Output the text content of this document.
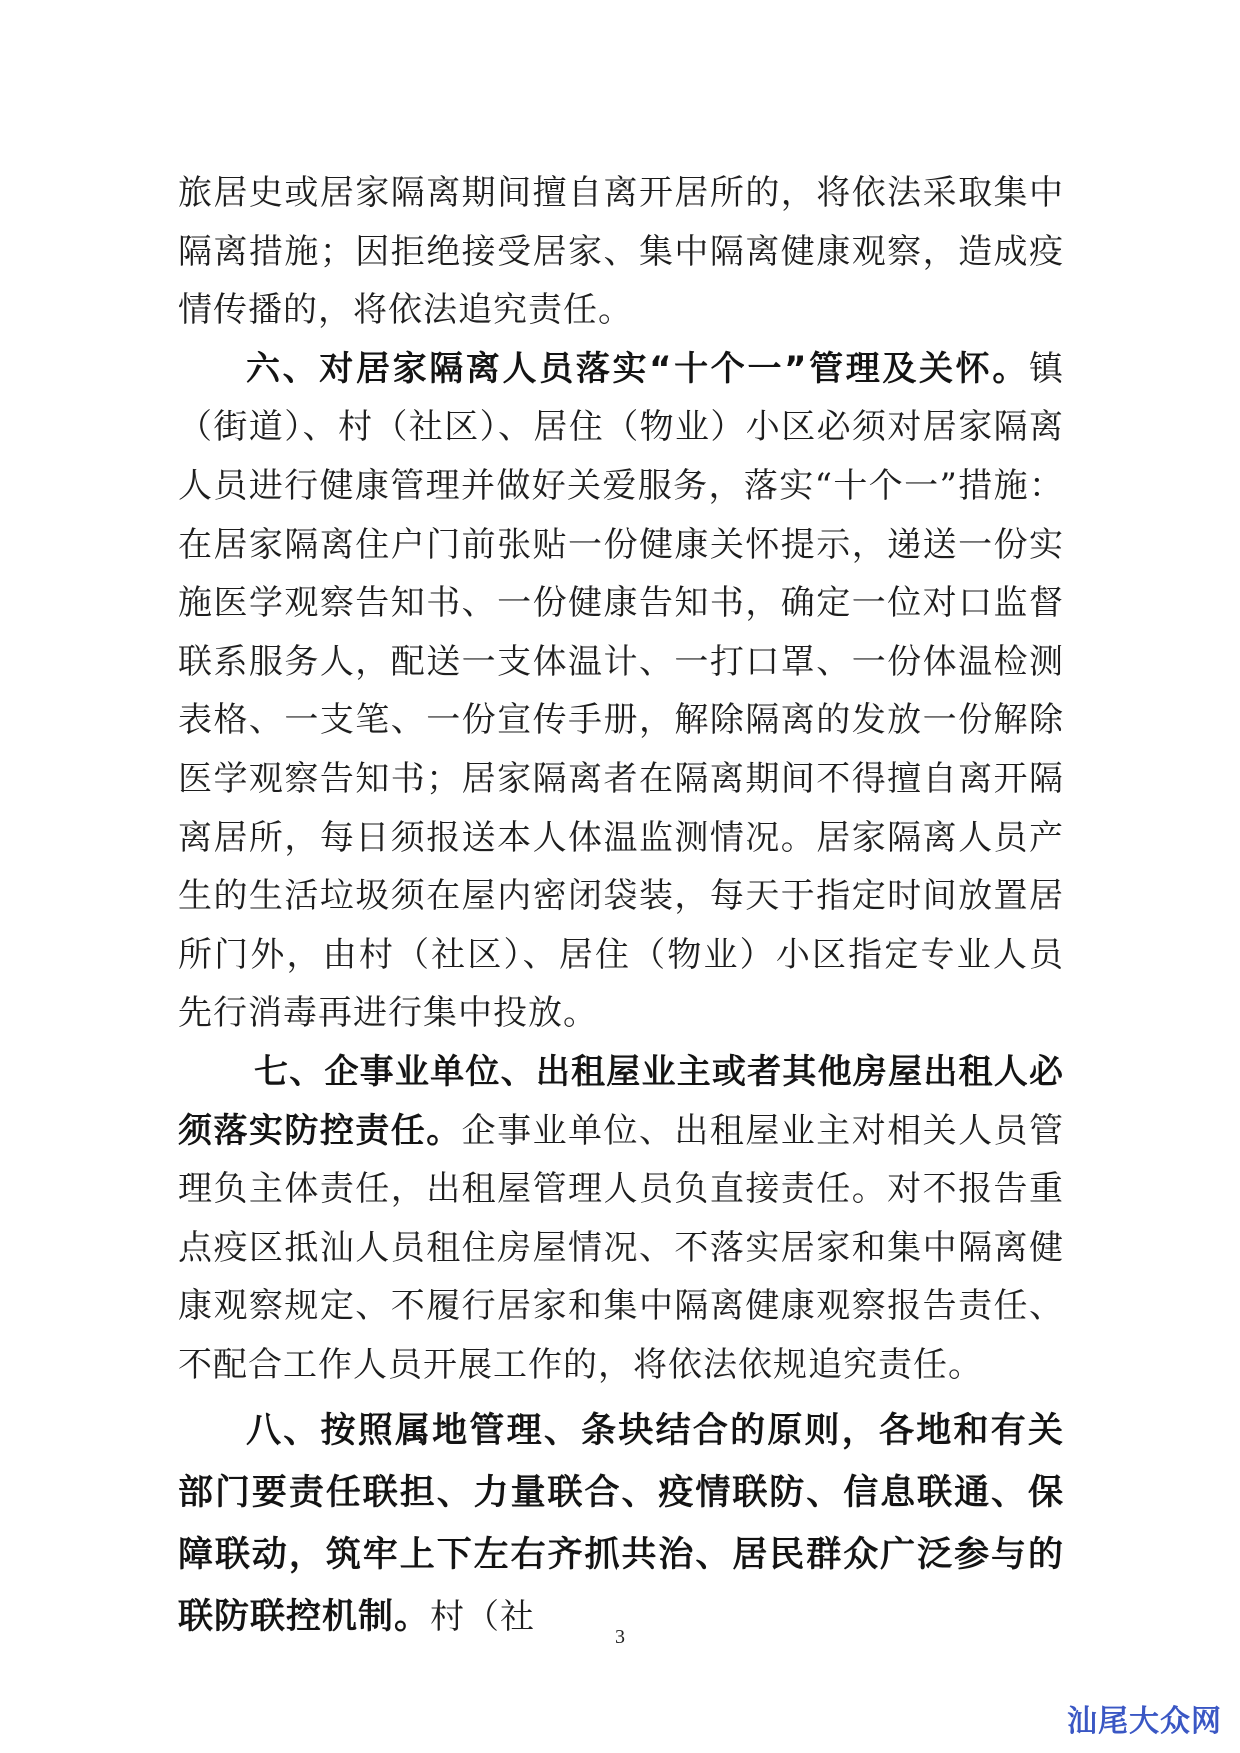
旅居史或居家隔离期间擅自离开居所的，将依法采取集中隔离措施；因拒绝接受居家、集中隔离健康观察，造成疫情传播的，将依法追究责任。

六、对居家隔离人员落实“十个一”管理及关怀。镇（街道）、村（社区）、居住（物业）小区必须对居家隔离人员进行健康管理并做好关爱服务，落实“十个一”措施：在居家隔离住户门前张贴一份健康关怀提示，递送一份实施医学观察告知书、一份健康告知书，确定一位对口监督联系服务人，配送一支体温计、一打口罩、一份体温检测表格、一支笔、一份宣传手册，解除隔离的发放一份解除医学观察告知书；居家隔离者在隔离期间不得擅自离开隔离居所，每日须报送本人体温监测情况。居家隔离人员产生的生活垃圾须在屋内密闭袋装，每天于指定时间放置居所门外，由村（社区）、居住（物业）小区指定专业人员先行消毒再进行集中投放。

七、企事业单位、出租屋业主或者其他房屋出租人必须落实防控责任。企事业单位、出租屋业主对相关人员管理负主体责任，出租屋管理人员负直接责任。对不报告重点疫区抵汕人员租住房屋情况、不落实居家和集中隔离健康观察规定、不履行居家和集中隔离健康观察报告责任、不配合工作人员开展工作的，将依法依规追究责任。

八、按照属地管理、条块结合的原则，各地和有关部门要责任联担、力量联合、疫情联防、信息联通、保障联动，筑牢上下左右齐抓共治、居民群众广泛参与的联防联控机制。村（社	3
汕尾大众网
